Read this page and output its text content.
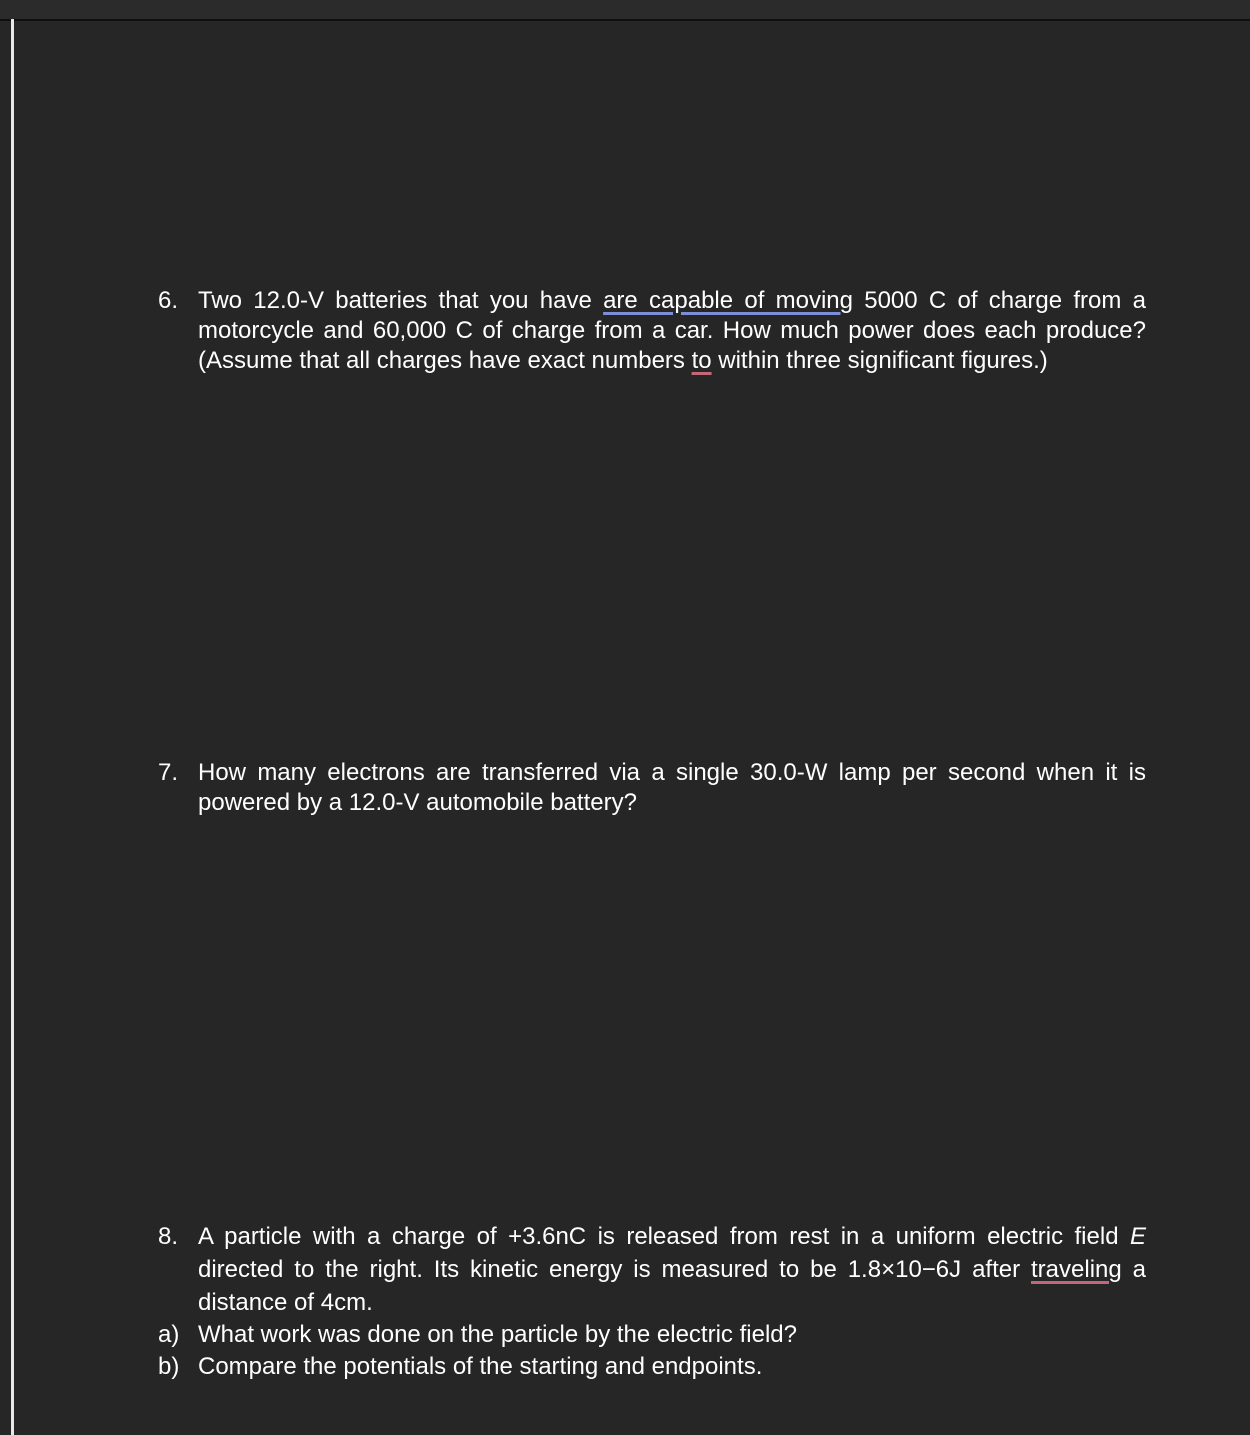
6. Two 12.0-V batteries that you have are capable of moving 5000 C of charge from a motorcycle and 60,000 C of charge from a car. How much power does each produce? (Assume that all charges have exact numbers to within three significant figures.)
7. How many electrons are transferred via a single 30.0-W lamp per second when it is powered by a 12.0-V automobile battery?
8. A particle with a charge of +3.6nC is released from rest in a uniform electric field E directed to the right. Its kinetic energy is measured to be 1.8×10−6J after traveling a distance of 4cm.
a) What work was done on the particle by the electric field?
b) Compare the potentials of the starting and endpoints.
